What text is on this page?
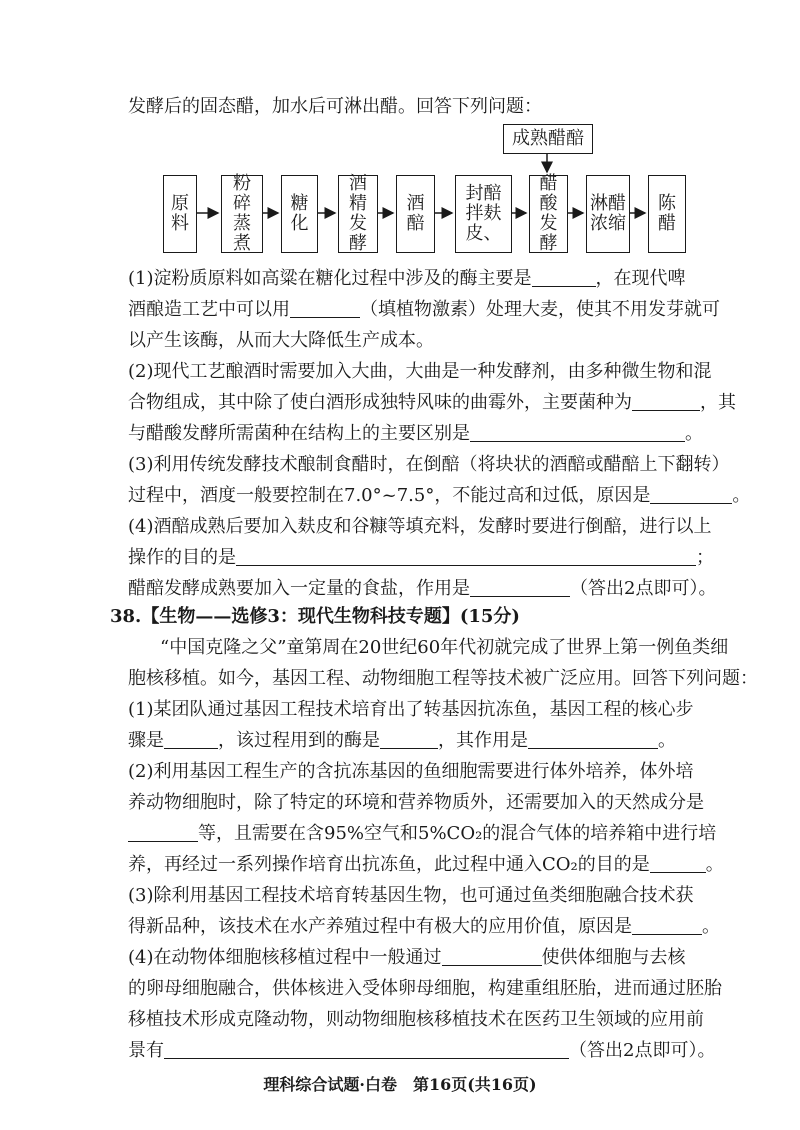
发酵后的固态醋，加水后可淋出醋。回答下列问题：
成熟醋醅
原料
粉碎蒸煮
糖化
酒精发酵
酒醅
封醅拌麸皮、
醋酸发酵
淋醋浓缩
陈醋
(1)淀粉质原料如高粱在糖化过程中涉及的酶主要是	，在现代啤
酒酿造工艺中可以用	（填植物激素）处理大麦，使其不用发芽就可
以产生该酶，从而大大降低生产成本。
(2)现代工艺酿酒时需要加入大曲，大曲是一种发酵剂，由多种微生物和混
合物组成，其中除了使白酒形成独特风味的曲霉外，主要菌种为	，其
与醋酸发酵所需菌种在结构上的主要区别是	。
(3)利用传统发酵技术酿制食醋时，在倒醅（将块状的酒醅或醋醅上下翻转）
过程中，酒度一般要控制在7.0°~7.5°，不能过高和过低，原因是	。
(4)酒醅成熟后要加入麸皮和谷糠等填充料，发酵时要进行倒醅，进行以上
操作的目的是	；
醋醅发酵成熟要加入一定量的食盐，作用是	（答出2点即可）。
38.【生物——选修3：现代生物科技专题】(15分)
“中国克隆之父”童第周在20世纪60年代初就完成了世界上第一例鱼类细
胞核移植。如今，基因工程、动物细胞工程等技术被广泛应用。回答下列问题：
(1)某团队通过基因工程技术培育出了转基因抗冻鱼，基因工程的核心步
骤是	，该过程用到的酶是	，其作用是	。
(2)利用基因工程生产的含抗冻基因的鱼细胞需要进行体外培养，体外培
养动物细胞时，除了特定的环境和营养物质外，还需要加入的天然成分是
等，且需要在含95%空气和5%CO₂的混合气体的培养箱中进行培
养，再经过一系列操作培育出抗冻鱼，此过程中通入CO₂的目的是	。
(3)除利用基因工程技术培育转基因生物，也可通过鱼类细胞融合技术获
得新品种，该技术在水产养殖过程中有极大的应用价值，原因是	。
(4)在动物体细胞核移植过程中一般通过	使供体细胞与去核
的卵母细胞融合，供体核进入受体卵母细胞，构建重组胚胎，进而通过胚胎
移植技术形成克隆动物，则动物细胞核移植技术在医药卫生领域的应用前
景有	（答出2点即可）。
理科综合试题·白卷　第16页(共16页)
